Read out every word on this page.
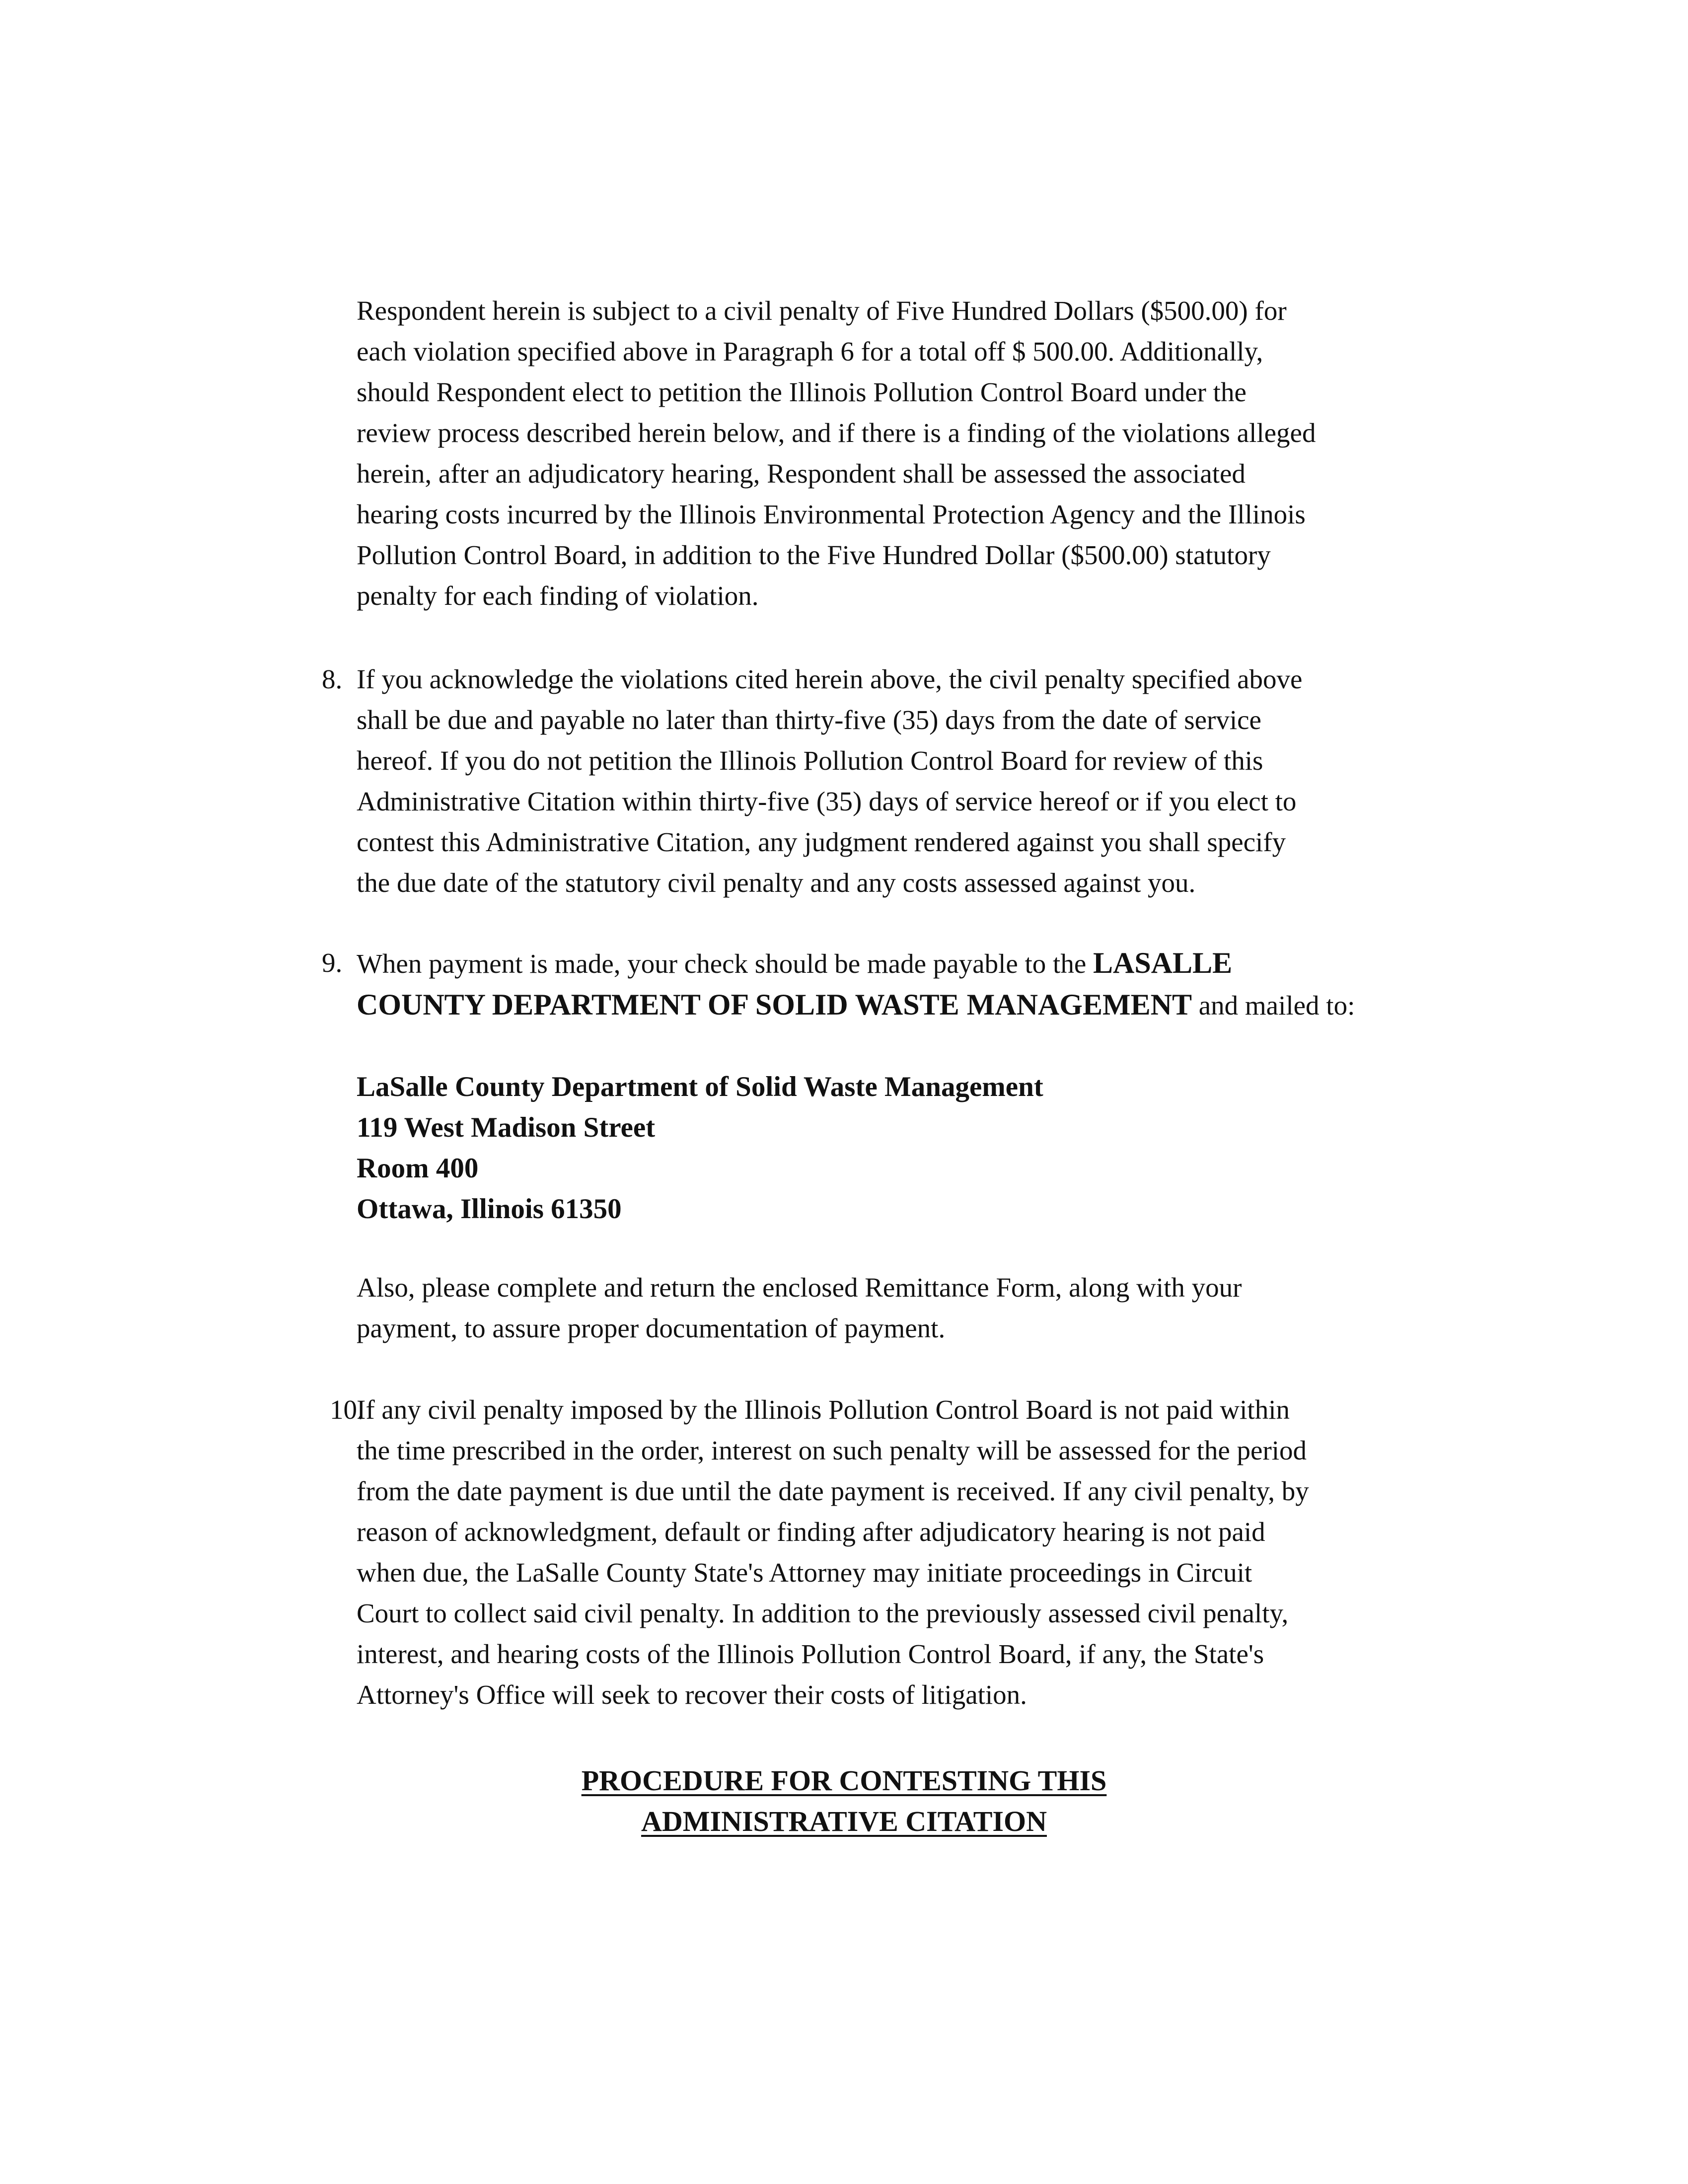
Respondent herein is subject to a civil penalty of Five Hundred Dollars ($500.00) for
each violation specified above in Paragraph 6 for a total off $ 500.00. Additionally,
should Respondent elect to petition the Illinois Pollution Control Board under the
review process described herein below, and if there is a finding of the violations alleged
herein, after an adjudicatory hearing, Respondent shall be assessed the associated
hearing costs incurred by the Illinois Environmental Protection Agency and the Illinois
Pollution Control Board, in addition to the Five Hundred Dollar ($500.00) statutory
penalty for each finding of violation.
8. If you acknowledge the violations cited herein above, the civil penalty specified above
shall be due and payable no later than thirty-five (35) days from the date of service
hereof. If you do not petition the Illinois Pollution Control Board for review of this
Administrative Citation within thirty-five (35) days of service hereof or if you elect to
contest this Administrative Citation, any judgment rendered against you shall specify
the due date of the statutory civil penalty and any costs assessed against you.
9. When payment is made, your check should be made payable to the LASALLE
COUNTY DEPARTMENT OF SOLID WASTE MANAGEMENT and mailed to:
LaSalle County Department of Solid Waste Management
119 West Madison Street
Room 400
Ottawa, Illinois 61350
Also, please complete and return the enclosed Remittance Form, along with your
payment, to assure proper documentation of payment.
10.
If any civil penalty imposed by the Illinois Pollution Control Board is not paid within
the time prescribed in the order, interest on such penalty will be assessed for the period
from the date payment is due until the date payment is received. If any civil penalty, by
reason of acknowledgment, default or finding after adjudicatory hearing is not paid
when due, the LaSalle County State's Attorney may initiate proceedings in Circuit
Court to collect said civil penalty. In addition to the previously assessed civil penalty,
interest, and hearing costs of the Illinois Pollution Control Board, if any, the State's
Attorney's Office will seek to recover their costs of litigation.
PROCEDURE FOR CONTESTING THIS
ADMINISTRATIVE CITATION
